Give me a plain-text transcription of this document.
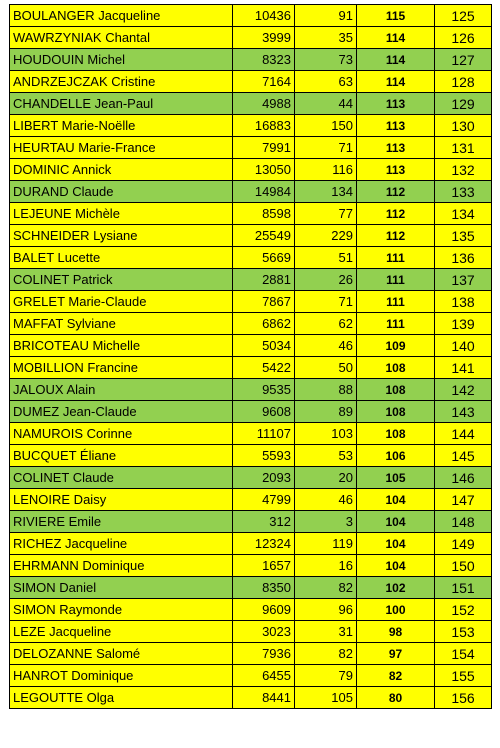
BOULANGER Jacqueline	10436	91	115	125
WAWRZYNIAK Chantal	3999	35	114	126
HOUDOUIN Michel	8323	73	114	127
ANDRZEJCZAK Cristine	7164	63	114	128
CHANDELLE Jean-Paul	4988	44	113	129
LIBERT Marie-Noëlle	16883	150	113	130
HEURTAU Marie-France	7991	71	113	131
DOMINIC Annick	13050	116	113	132
DURAND Claude	14984	134	112	133
LEJEUNE Michèle	8598	77	112	134
SCHNEIDER Lysiane	25549	229	112	135
BALET Lucette	5669	51	111	136
COLINET Patrick	2881	26	111	137
GRELET Marie-Claude	7867	71	111	138
MAFFAT Sylviane	6862	62	111	139
BRICOTEAU Michelle	5034	46	109	140
MOBILLION Francine	5422	50	108	141
JALOUX Alain	9535	88	108	142
DUMEZ Jean-Claude	9608	89	108	143
NAMUROIS Corinne	11107	103	108	144
BUCQUET Éliane	5593	53	106	145
COLINET Claude	2093	20	105	146
LENOIRE Daisy	4799	46	104	147
RIVIERE Emile	312	3	104	148
RICHEZ Jacqueline	12324	119	104	149
EHRMANN Dominique	1657	16	104	150
SIMON Daniel	8350	82	102	151
SIMON Raymonde	9609	96	100	152
LEZE Jacqueline	3023	31	98	153
DELOZANNE Salomé	7936	82	97	154
HANROT Dominique	6455	79	82	155
LEGOUTTE Olga	8441	105	80	156
